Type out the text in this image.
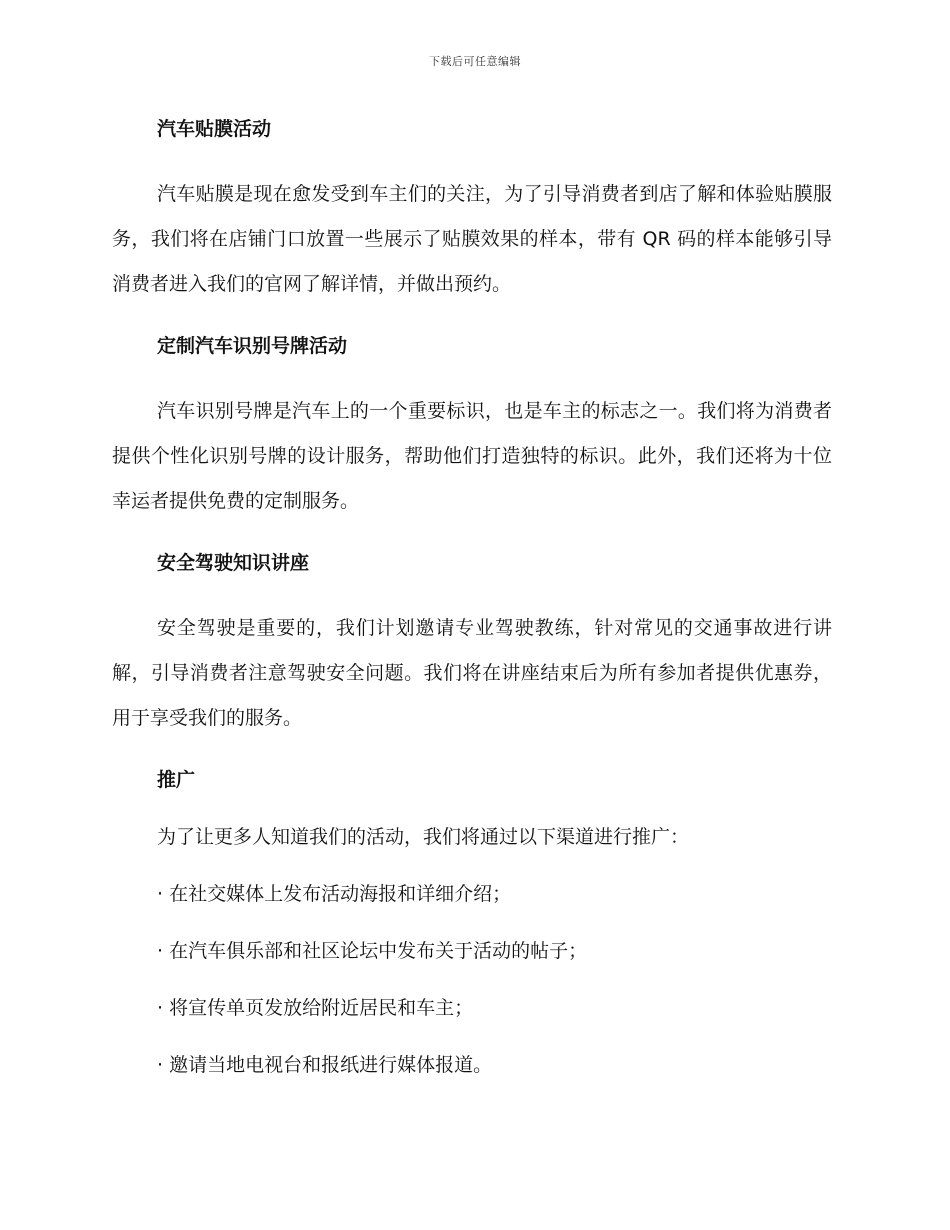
下载后可任意编辑
汽车贴膜活动

汽车贴膜是现在愈发受到车主们的关注，为了引导消费者到店了解和体验贴膜服务，我们将在店铺门口放置一些展示了贴膜效果的样本，带有 QR 码的样本能够引导消费者进入我们的官网了解详情，并做出预约。

定制汽车识别号牌活动

汽车识别号牌是汽车上的一个重要标识，也是车主的标志之一。我们将为消费者提供个性化识别号牌的设计服务，帮助他们打造独特的标识。此外，我们还将为十位幸运者提供免费的定制服务。

安全驾驶知识讲座

安全驾驶是重要的，我们计划邀请专业驾驶教练，针对常见的交通事故进行讲解，引导消费者注意驾驶安全问题。我们将在讲座结束后为所有参加者提供优惠券，用于享受我们的服务。

推广
为了让更多人知道我们的活动，我们将通过以下渠道进行推广：
· 在社交媒体上发布活动海报和详细介绍；
· 在汽车俱乐部和社区论坛中发布关于活动的帖子；
· 将宣传单页发放给附近居民和车主；
· 邀请当地电视台和报纸进行媒体报道。
